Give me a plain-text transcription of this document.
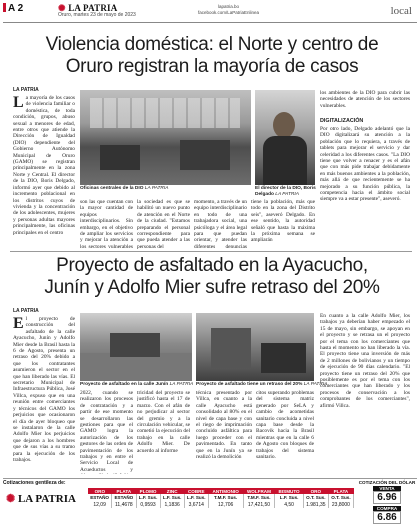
A 2	✺ LA PATRIA
Oruro, martes 23 de mayo de 2023
lapatria.bo
facebook.com/LaPatriaEnlinea	local
Violencia doméstica: el Norte y centro de
Oruro registran la mayoría de casos
LA PATRIA
La mayoría de los casos de violencia familiar o doméstica, de toda condición, grupos, abuso sexual a menores de edad, entre otros que atiende la Dirección de Igualdad (DIO) dependiente del Gobierno Autónomo Municipal de Oruro (GAMO) se registran principalmente en la zona Norte y Central. El director de la DIO, Boris Delgado, informó ayer que debido al incremento poblacional en los distritos cuyos de vivienda y la concentración de los adolescentes, mujeres y personas adultas mayores principalmente, las oficinas principales en el centro
Oficinas centrales de la DIO LA PATRIA	El director de la DIO, Boris Delgado LA PATRIA
son las que cuentan con la mayor cantidad de equipos interdisciplinarios. Sin embargo, en el objetivo de ampliar los servicios y mejorar la atención a los sectores vulnerables
la sociedad es que se habilitó un nuevo punto de atención en el Norte de la ciudad. "Estamos preparando el personal correspondiente para que pueda atender a las personas del
momento, a través de un equipo interdisciplinario en todo de una trabajadora social, una psicóloga y el área legal para que puedan orientar, y atender las diferentes denuncias
tiene la población, más que todo en la zona del Distrito seis", aseveró Delgado. En ese sentido, la autoridad señaló que hasta la máxima la próxima semana se ampliarán
los ambientes de la DIO para cubrir las necesidades de atención de los sectores vulnerables.
DIGITALIZACIÓN
Por otro lado, Delgado adelantó que la DIO digitalizará su atención a la población que lo requiera, a través de tablets para mejorar el servicio y dar celeridad a los diferentes casos. "La DIO tiene que volver a renacer y es el afán que con más pide trabajar debidamente en más buenos ambientes a la población, más allá de que recientemente se ha mejorado a su función pública, la competencia hacia el ámbito social siempre va a estar presente", aseveró.
Proyecto de asfaltado en la Ayacucho,
Junín y Adolfo Mier sufre retraso del 20%
LA PATRIA
El proyecto de construcción del asfaltado de la calle Ayacucho, Junín y Adolfo Mier desde la Brasil hasta la 6 de Agosto, presenta un retraso del 20% debido a que los contratantes asumieron el sector en el que han liberado las vías. El secretario Municipal de Infraestructura Pública, José Villca, expuso que en una reunión entre comerciantes y técnicos del GAMO los perjuicios que ocasionaron el día de ayer bloqueo que se instalaron de la calle Adolfo Mier los perjuicios que dejaron a los hombres que de sus vías a su tramo para la ejecución de los trabajos.
Proyecto de asfaltado en la calle Junín LA PATRIA Proyecto de asfaltado tiene un retraso del 20% LA PATRIA
2022, cuando se realizaron los procesos de contratación y a partir de ese momento se desarrollaron las gestiones para que el GAMO logra la autorización de los gestores de las orden de pavimentación de los trabajos y en entre el Servicio Local de Acueductos y
tricidad del proyecto se justificó hasta el 17 de marzo. Con el afán de no perjudicar al sector del gremio y a la circulación vehicular, se cometió la ejecución del trabajo en la calle Adolfo Mier. De acuerdo al informe
técnica presentado por Villca, en cuanto a la calle Ayacucho está consolidado al 80% en el nivel de capa base y con el riego de imprimación concluido asfáltica para luego proceder con el pavimentado. En tanto que en la Junín ya se realizó la demolición
citos superando problemas del sistema matriz generado por SeLA y cambio de acometidas sanitario concluida a nivel capa base desde la Bacovik hacia la Brasil mientras que en la calle 6 de Agosto con bloques de trabajos del sistema sanitario.
En cuanto a la calle Adolfo Mier, los trabajos ya deberían haber empezado el 15 de mayo, sin embargo, se apoyan en el proyecto y se retrasa un el proyecto por el tema con los comerciantes que hasta el momento no han liberado la vía. El proyecto tiene una inversión de más de 2 millones de bolivianos y un tiempo de ejecución de 90 días calendario. "El proyecto tiene un retraso del 20% que posiblemente es por el tema con los comerciantes que han liberado y los procesos de conservación a los comprobantes de los comerciantes", afirmó Villca.
Cotizaciones gentileza de:
✺ LA PATRIA
ORO	PLATA	PLOMO	ZINC	COBRE	ANTIMONIO	WOLFRAM	BISMUTO	ORO	PLATA
ESTAÑO	ESTAÑO	L.F. Sus.	L.F. Sus.	L.F. Sus.	T.M.F. Sus.	T.M.F. Sus.	L.F. Sus.	O.T. Sus.	O.T. Sus.
12,09	11,4678	0,9593	1,1836	3,6714	12,706	17,421,50	4,50	1.981,35	23,8000
COTIZACIÓN DEL DÓLAR
VENTA
6.96

COMPRA
6.86
